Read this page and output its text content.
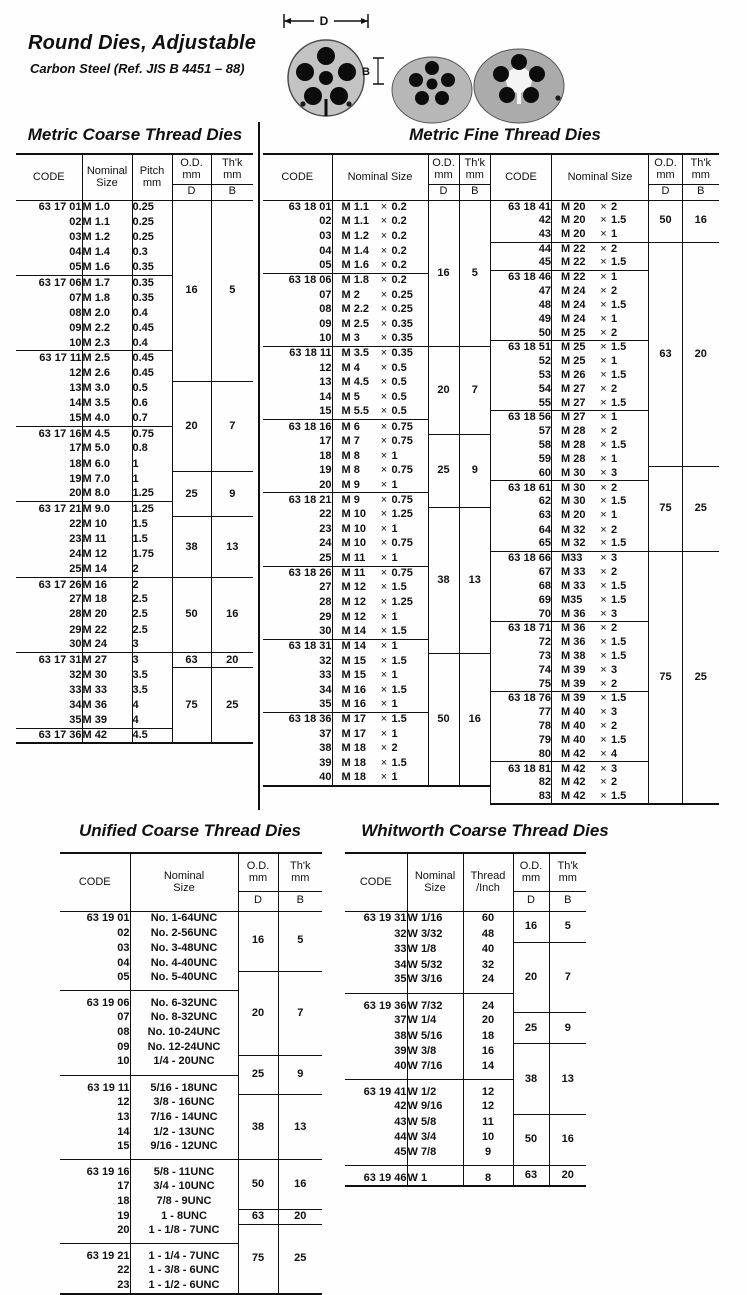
Round Dies, Adjustable
Carbon Steel (Ref. JIS B 4451 – 88)
D
B
Metric Coarse Thread Dies	Metric Fine Thread Dies
Unified Coarse Thread Dies	Whitworth Coarse Thread Dies
CODE	Nominal
Size

Pitch
mm

O.D.
mm

Th'k
mm

			D	B
63 17 01	M 1.0	0.25	16	5
02	M 1.1	0.25		
03	M 1.2	0.25		
04	M 1.4	0.3		
05	M 1.6	0.35		
63 17 06	M 1.7	0.35		
07	M 1.8	0.35		
08	M 2.0	0.4		
09	M 2.2	0.45		
10	M 2.3	0.4		
63 17 11	M 2.5	0.45		
12	M 2.6	0.45		
13	M 3.0	0.5	20	7
14	M 3.5	0.6		
15	M 4.0	0.7		
63 17 16	M 4.5	0.75		
17	M 5.0	0.8		
18	M 6.0	1		
19	M 7.0	1	25	9
20	M 8.0	1.25		
63 17 21	M 9.0	1.25		
22	M 10	1.5	38	13
23	M 11	1.5		
24	M 12	1.75		
25	M 14	2		
63 17 26	M 16	2	50	16
27	M 18	2.5		
28	M 20	2.5		
29	M 22	2.5		
30	M 24	3		
63 17 31	M 27	3	63	20
32	M 30	3.5	75	25
33	M 33	3.5		
34	M 36	4		
35	M 39	4		
63 17 36	M 42	4.5		
CODE	Nominal Size	
O.D.
mm

Th'k
mm

		D	B
63 18 01	M 1.1 × 0.2	16	5
02	M 1.1 × 0.2		
03	M 1.2 × 0.2		
04	M 1.4 × 0.2		
05	M 1.6 × 0.2		
63 18 06	M 1.8 × 0.2		
07	M 2 × 0.25		
08	M 2.2 × 0.25		
09	M 2.5 × 0.35		
10	M 3 × 0.35		
63 18 11	M 3.5 × 0.35	20	7
12	M 4 × 0.5		
13	M 4.5 × 0.5		
14	M 5 × 0.5		
15	M 5.5 × 0.5		
63 18 16	M 6 × 0.75		
17	M 7 × 0.75	25	9
18	M 8 × 1		
19	M 8 × 0.75		
20	M 9 × 1		
63 18 21	M 9 × 0.75		
22	M 10 × 1.25	38	13
23	M 10 × 1		
24	M 10 × 0.75		
25	M 11 × 1		
63 18 26	M 11 × 0.75		
27	M 12 × 1.5		
28	M 12 × 1.25		
29	M 12 × 1		
30	M 14 × 1.5		
63 18 31	M 14 × 1		
32	M 15 × 1.5	50	16
33	M 15 × 1		
34	M 16 × 1.5		
35	M 16 × 1		
63 18 36	M 17 × 1.5		
37	M 17 × 1		
38	M 18 × 2		
39	M 18 × 1.5		
40	M 18 × 1		
CODE	Nominal Size	
O.D.
mm

Th'k
mm

		D	B
63 18 41	M 20 × 2	50	16
42	M 20 × 1.5		
43	M 20 × 1		
44	M 22 × 2	63	20
45	M 22 × 1.5		
63 18 46	M 22 × 1		
47	M 24 × 2		
48	M 24 × 1.5		
49	M 24 × 1		
50	M 25 × 2		
63 18 51	M 25 × 1.5		
52	M 25 × 1		
53	M 26 × 1.5		
54	M 27 × 2		
55	M 27 × 1.5		
63 18 56	M 27 × 1		
57	M 28 × 2		
58	M 28 × 1.5		
59	M 28 × 1		
60	M 30 × 3	75	25
63 18 61	M 30 × 2		
62	M 30 × 1.5		
63	M 20 × 1		
64	M 32 × 2		
65	M 32 × 1.5		
63 18 66	M33 × 3	75	25
67	M 33 × 2		
68	M 33 × 1.5		
69	M35 × 1.5		
70	M 36 × 3		
63 18 71	M 36 × 2		
72	M 36 × 1.5		
73	M 38 × 1.5		
74	M 39 × 3		
75	M 39 × 2		
63 18 76	M 39 × 1.5		
77	M 40 × 3		
78	M 40 × 2		
79	M 40 × 1.5		
80	M 42 × 4		
63 18 81	M 42 × 3		
82	M 42 × 2		
83	M 42 × 1.5		
CODE	Nominal
Size

O.D.
mm

Th'k
mm

		D	B
63 19 01	No. 1-64UNC	16	5
02	No. 2-56UNC		
03	No. 3-48UNC		
04	No. 4-40UNC		
05	No. 5-40UNC	20	7
63 19 06	No. 6-32UNC		
07	No. 8-32UNC		
08	No. 10-24UNC		
09	No. 12-24UNC		
10	1/4 - 20UNC	25	9
63 19 11	5/16 - 18UNC		
12	3/8 - 16UNC	38	13
13	7/16 - 14UNC		
14	1/2 - 13UNC		
15	9/16 - 12UNC		
63 19 16	5/8 - 11UNC	50	16
17	3/4 - 10UNC		
18	7/8 - 9UNC		
19	1 - 8UNC	63	20
20	1 - 1/8 - 7UNC	75	25
63 19 21	1 - 1/4 - 7UNC		
22	1 - 3/8 - 6UNC		
23	1 - 1/2 - 6UNC		
CODE	Nominal
Size

Thread
/Inch

O.D.
mm

Th'k
mm

			D	B
63 19 31	W 1/16	60	16	5
32	W 3/32	48		
33	W 1/8	40	20	7
34	W 5/32	32		
35	W 3/16	24		
63 19 36	W 7/32	24		
37	W 1/4	20	25	9
38	W 5/16	18		
39	W 3/8	16	38	13
40	W 7/16	14		
63 19 41	W 1/2	12		
42	W 9/16	12		
43	W 5/8	11	50	16
44	W 3/4	10		
45	W 7/8	9		
63 19 46	W 1	8	63	20
